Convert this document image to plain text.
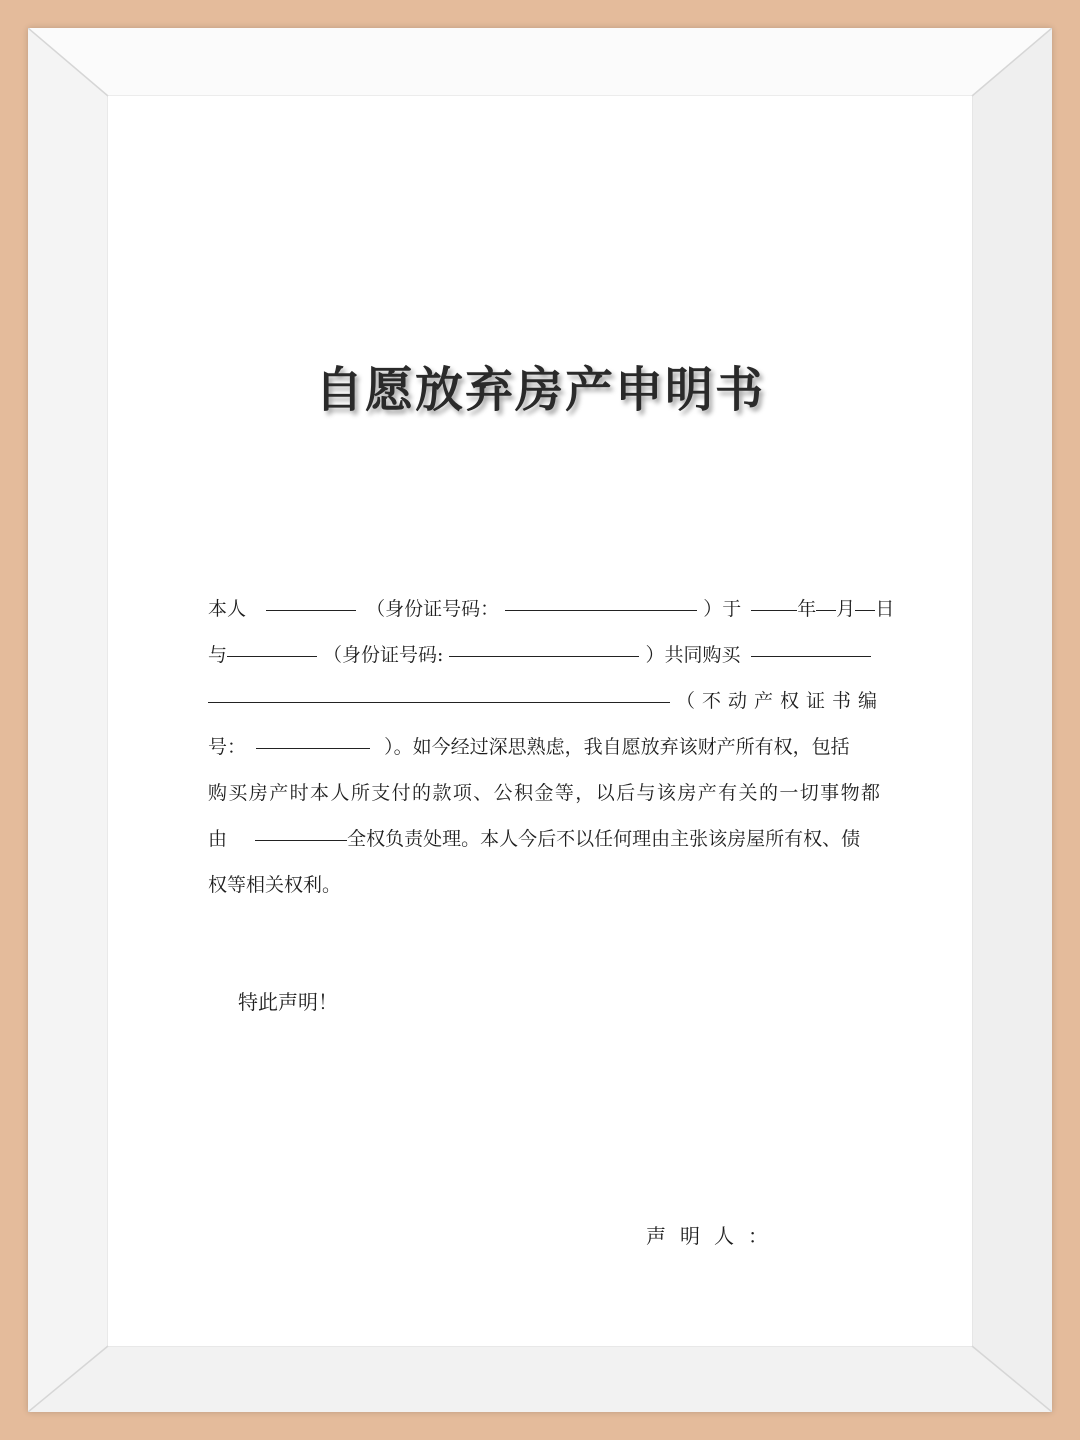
自愿放弃房产申明书
本人	（身份证号码：	）于	年 月 日
与	（身份证号码:	）共同购买
（不动产权证书编
号：	）。如今经过深思熟虑，我自愿放弃该财产所有权，包括
购买房产时本人所支付的款项、公积金等，以后与该房产有关的一切事物都
由	全权负责处理。本人今后不以任何理由主张该房屋所有权、债
权等相关权利。
特此声明！
声明人：
